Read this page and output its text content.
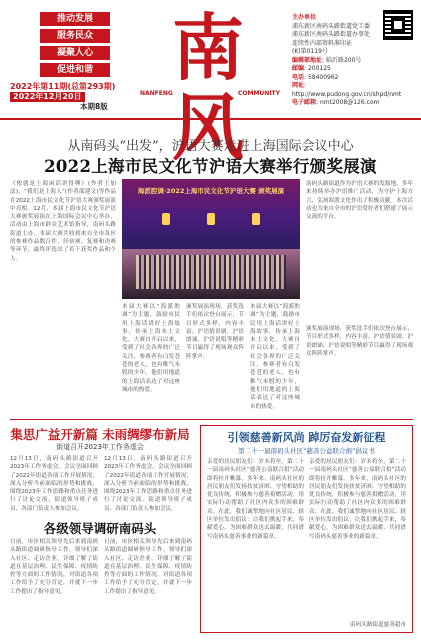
推动发展
服务民众
凝聚人心
促进和谐
2022年第11期(总第293期)
2022年12月20日
本期8版
南风
NANFENG	COMMUNITY
主办单位
浦东新区南码头路街道党工委
浦东新区南码头路街道办事处
连续性内部资料准印证
(K)第0119号
编辑部地址: 临沂路200号
邮编: 200125
电话: 58400962
网址: http://www.pudong.gov.cn/shpd/nmt
电子邮箱: nmt2008@126.com
从南码头“出发”，沪语大赛走进上海国际会议中心
2022上海市民文化节沪语大赛举行颁奖展演
《侬就是上海闲话讲得嗲》(作者王加法)、“我们是上海人”(作者邵建文)等作品在2022上海市民文化节沪语大赛颁奖展演中亮相。12月，本届上海市民文化节沪语大赛颁奖展演在上海国际会议中心举办，活动由上海市群众艺术馆指导，南码头路街道主办。本届大赛共收到来自全市各区的参赛作品数百件，经初赛、复赛和决赛等环节，最终评选出了若干获奖作品和个人。
海派腔调·2022上海市民文化节沪语大赛 颁奖展演
南码头路街道作为沪语大赛的发源地，多年来持续举办沪语推广活动，为守护上海方言、弘扬海派文化作出了积极贡献。本次活动也为来自全市的沪语爱好者们搭建了展示交流的平台。
本届大赛以“海派腔调”为主题，鼓励市民用上海话讲好上海故事，传承上海本土文化。大赛自开启以来，受到了社会各界的广泛关注，参赛者有白发苍苍的老人，也有稚气未脱的少年，他们用地道的上海话表达了对这座城市的热爱。
颁奖展演现场，获奖选手们依次登台展示，节目形式多样，内容丰富。沪语情景剧、沪语朗诵、沪语说唱等精彩节目赢得了现场观众阵阵掌声。
本届大赛以“海派腔调”为主题，鼓励市民用上海话讲好上海故事，传承上海本土文化。大赛自开启以来，受到了社会各界的广泛关注，参赛者有白发苍苍的老人，也有稚气未脱的少年，他们用地道的上海话表达了对这座城市的热爱。
颁奖展演现场，获奖选手们依次登台展示，节目形式多样，内容丰富。沪语情景剧、沪语朗诵、沪语说唱等精彩节目赢得了现场观众阵阵掌声。
集思广益开新篇 未雨绸缪布新局
街道召开2023年工作务虚会
12月13日，南码头路街道召开2023年工作务虚会。会议全面回顾了2022年街道各项工作开展情况，深入分析当前面临的形势和挑战，围绕2023年工作思路和重点任务进行了讨论交流。街道领导班子成员、各部门负责人参加会议。
12月13日，南码头路街道召开2023年工作务虚会。会议全面回顾了2022年街道各项工作开展情况，深入分析当前面临的形势和挑战，围绕2023年工作思路和重点任务进行了讨论交流。街道领导班子成员、各部门负责人参加会议。
各级领导调研南码头
日前，市区相关领导先后来到南码头路街道调研指导工作。领导们深入社区、走访企业，详细了解了街道在基层治理、民生保障、疫情防控等方面的工作情况，对街道各项工作给予了充分肯定，并就下一步工作提出了指导意见。
日前，市区相关领导先后来到南码头路街道调研指导工作。领导们深入社区、走访企业，详细了解了街道在基层治理、民生保障、疫情防控等方面的工作情况，对街道各项工作给予了充分肯定，并就下一步工作提出了指导意见。
引领慈善新风尚 踔厉奋发新征程
第二十一届南码头社区“慈善公益联合捐”倡议书
亲爱的居民朋友们：岁末将至，第二十一届南码头社区“慈善公益联合捐”活动即将拉开帷幕。多年来，南码头社区的居民朋友们发扬扶贫济困、守望相助的优良传统，积极参与慈善捐赠活动，用实际行动帮助了社区内众多的困难群众。在此，我们诚挚地向社区居民、辖区单位发出倡议：让我们携起手来，奉献爱心，为困难群众送去温暖，共同谱写南码头慈善事业的新篇章。
亲爱的居民朋友们：岁末将至，第二十一届南码头社区“慈善公益联合捐”活动即将拉开帷幕。多年来，南码头社区的居民朋友们发扬扶贫济困、守望相助的优良传统，积极参与慈善捐赠活动，用实际行动帮助了社区内众多的困难群众。在此，我们诚挚地向社区居民、辖区单位发出倡议：让我们携起手来，奉献爱心，为困难群众送去温暖，共同谱写南码头慈善事业的新篇章。
南码头路街道慈善超市
